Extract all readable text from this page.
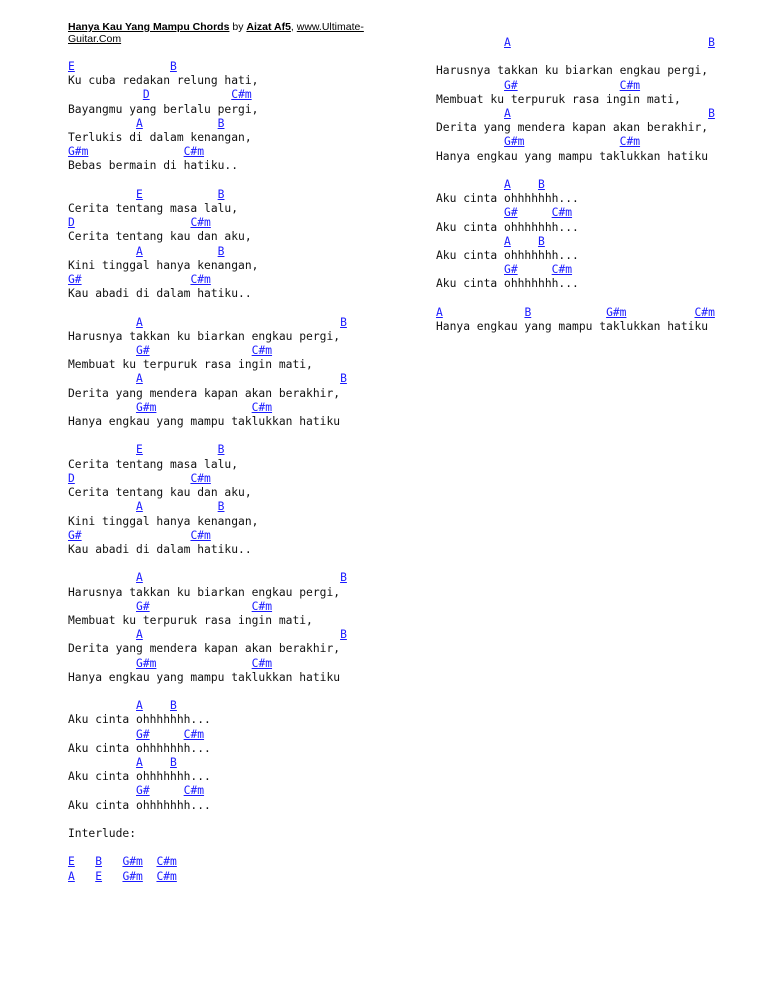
Hanya Kau Yang Mampu Chords by Aizat Af5, www.Ultimate-Guitar.Com
E	B
Ku cuba redakan relung hati,
D	C#m
Bayangmu yang berlalu pergi,
A	B
Terlukis di dalam kenangan,
G#m	C#m
Bebas bermain di hatiku..

E	B
Cerita tentang masa lalu,
D	C#m
Cerita tentang kau dan aku,
A	B
Kini tinggal hanya kenangan,
G#	C#m
Kau abadi di dalam hatiku..

A	B
Harusnya takkan ku biarkan engkau pergi,
G#	C#m
Membuat ku terpuruk rasa ingin mati,
A	B
Derita yang mendera kapan akan berakhir,
G#m	C#m
Hanya engkau yang mampu taklukkan hatiku

E	B
Cerita tentang masa lalu,
D	C#m
Cerita tentang kau dan aku,
A	B
Kini tinggal hanya kenangan,
G#	C#m
Kau abadi di dalam hatiku..

A	B
Harusnya takkan ku biarkan engkau pergi,
G#	C#m
Membuat ku terpuruk rasa ingin mati,
A	B
Derita yang mendera kapan akan berakhir,
G#m	C#m
Hanya engkau yang mampu taklukkan hatiku

A B
Aku cinta ohhhhhhh...
G#	C#m
Aku cinta ohhhhhhh...
A B
Aku cinta ohhhhhhh...
G#	C#m
Aku cinta ohhhhhhh...

Interlude:

E B G#m C#m
A E G#m C#m
A	B

Harusnya takkan ku biarkan engkau pergi,
G#	C#m
Membuat ku terpuruk rasa ingin mati,
A	B
Derita yang mendera kapan akan berakhir,
G#m	C#m
Hanya engkau yang mampu taklukkan hatiku

A B
Aku cinta ohhhhhhh...
G#	C#m
Aku cinta ohhhhhhh...
A B
Aku cinta ohhhhhhh...
G#	C#m
Aku cinta ohhhhhhh...

A	B	G#m	C#m
Hanya engkau yang mampu taklukkan hatiku
